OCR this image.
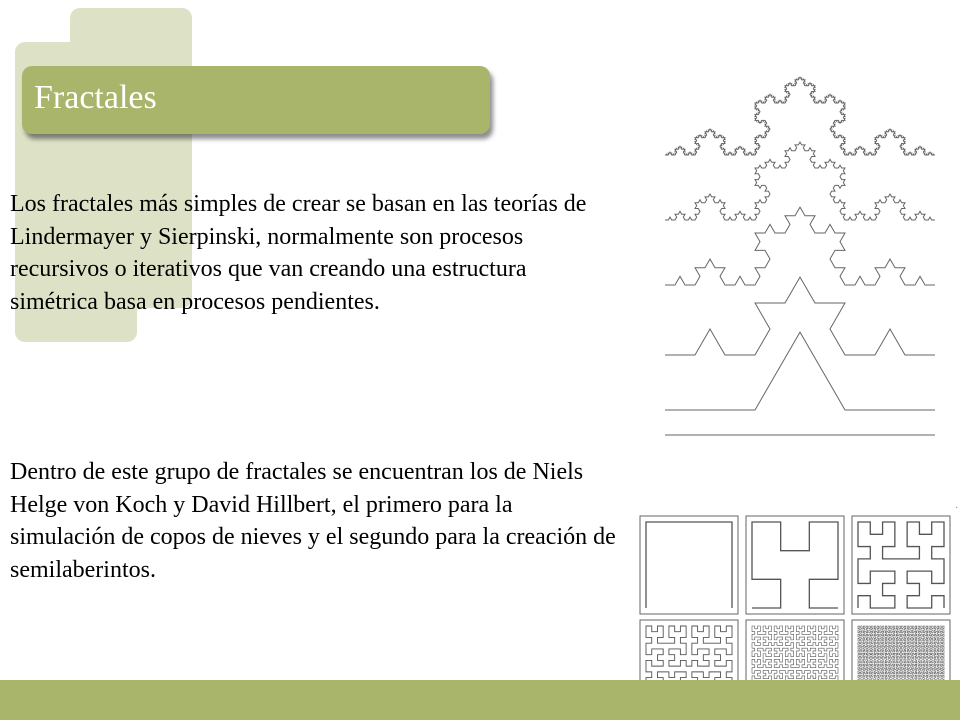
Fractales

Los fractales más simples de crear se basan en las teorías de Lindermayer y Sierpinski, normalmente son procesos recursivos o iterativos que van creando una estructura simétrica basa en procesos pendientes.

Dentro de este grupo de fractales se encuentran los de Niels Helge von Koch y David Hillbert, el primero para la simulación de copos de nieves y el segundo para la creación de semilaberintos.

·
